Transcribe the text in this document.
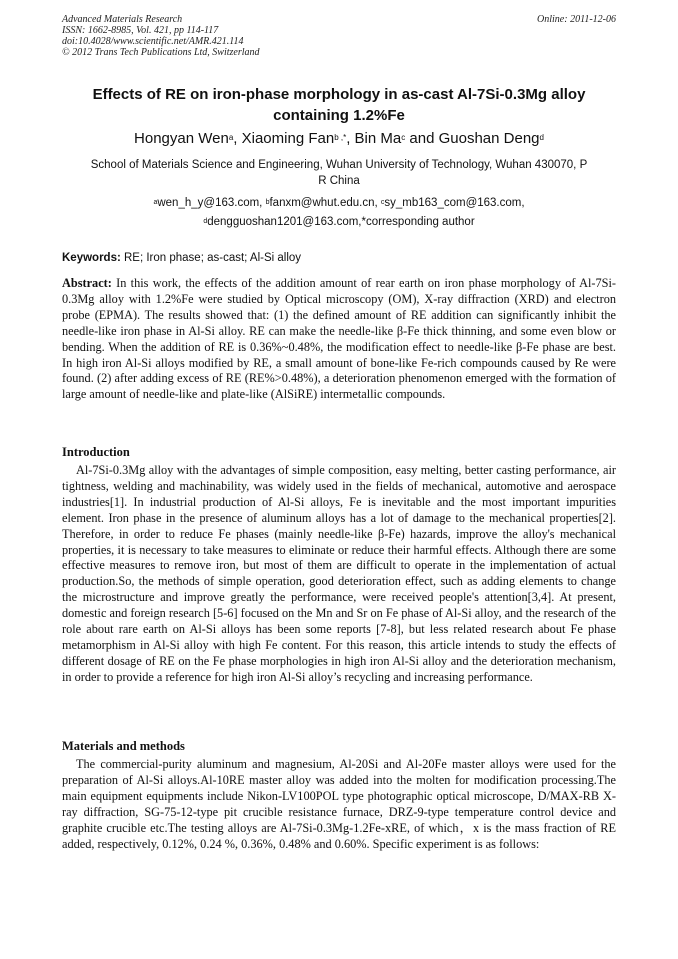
Advanced Materials Research
ISSN: 1662-8985, Vol. 421, pp 114-117
doi:10.4028/www.scientific.net/AMR.421.114
© 2012 Trans Tech Publications Ltd, Switzerland
Online: 2011-12-06
Effects of RE on iron-phase morphology in as-cast Al-7Si-0.3Mg alloy
containing 1.2%Fe
Hongyan Wen$^a$, Xiaoming Fan$^{b ,*}$, Bin Ma$^c$ and Guoshan Deng$^d$
School of Materials Science and Engineering, Wuhan University of Technology, Wuhan 430070, P
R China
$^a$wen_h_y@163.com, $^b$fanxm@whut.edu.cn, $^c$sy_mb163_com@163.com,
$^d$dengguoshan1201@163.com,*corresponding author
Keywords: RE; Iron phase; as-cast; Al-Si alloy
Abstract: In this work, the effects of the addition amount of rear earth on iron phase morphology of Al-7Si-0.3Mg alloy with 1.2%Fe were studied by Optical microscopy (OM), X-ray diffraction (XRD) and electron probe (EPMA). The results showed that: (1) the defined amount of RE addition can significantly inhibit the needle-like iron phase in Al-Si alloy. RE can make the needle-like β-Fe thick thinning, and some even blow or bending. When the addition of RE is 0.36%~0.48%, the modification effect to needle-like β-Fe phase are best. In high iron Al-Si alloys modified by RE, a small amount of bone-like Fe-rich compounds caused by Re were found. (2) after adding excess of RE (RE%>0.48%), a deterioration phenomenon emerged with the formation of large amount of needle-like and plate-like (AlSiRE) intermetallic compounds.
Introduction
Al-7Si-0.3Mg alloy with the advantages of simple composition, easy melting, better casting performance, air tightness, welding and machinability, was widely used in the fields of mechanical, automotive and aerospace industries[1]. In industrial production of Al-Si alloys, Fe is inevitable and the most important impurities element. Iron phase in the presence of aluminum alloys has a lot of damage to the mechanical properties[2]. Therefore, in order to reduce Fe phases (mainly needle-like β-Fe) hazards, improve the alloy's mechanical properties, it is necessary to take measures to eliminate or reduce their harmful effects. Although there are some effective measures to remove iron, but most of them are difficult to operate in the implementation of actual production.So, the methods of simple operation, good deterioration effect, such as adding elements to change the microstructure and improve greatly the performance, were received people's attention[3,4]. At present, domestic and foreign research [5-6] focused on the Mn and Sr on Fe phase of Al-Si alloy, and the research of the role about rare earth on Al-Si alloys has been some reports [7-8], but less related research about Fe phase metamorphism in Al-Si alloy with high Fe content. For this reason, this article intends to study the effects of different dosage of RE on the Fe phase morphologies in high iron Al-Si alloy and the deterioration mechanism, in order to provide a reference for high iron Al-Si alloy’s recycling and increasing performance.
Materials and methods
The commercial-purity aluminum and magnesium, Al-20Si and Al-20Fe master alloys were used for the preparation of Al-Si alloys.Al-10RE master alloy was added into the molten for modification processing.The main equipment equipments include Nikon-LV100POL type photographic optical microscope, D/MAX-RB X-ray diffraction, SG-75-12-type pit crucible resistance furnace, DRZ-9-type temperature control device and graphite crucible etc.The testing alloys are Al-7Si-0.3Mg-1.2Fe-xRE, of which，x is the mass fraction of RE added, respectively, 0.12%, 0.24 %, 0.36%, 0.48% and 0.60%. Specific experiment is as follows:
